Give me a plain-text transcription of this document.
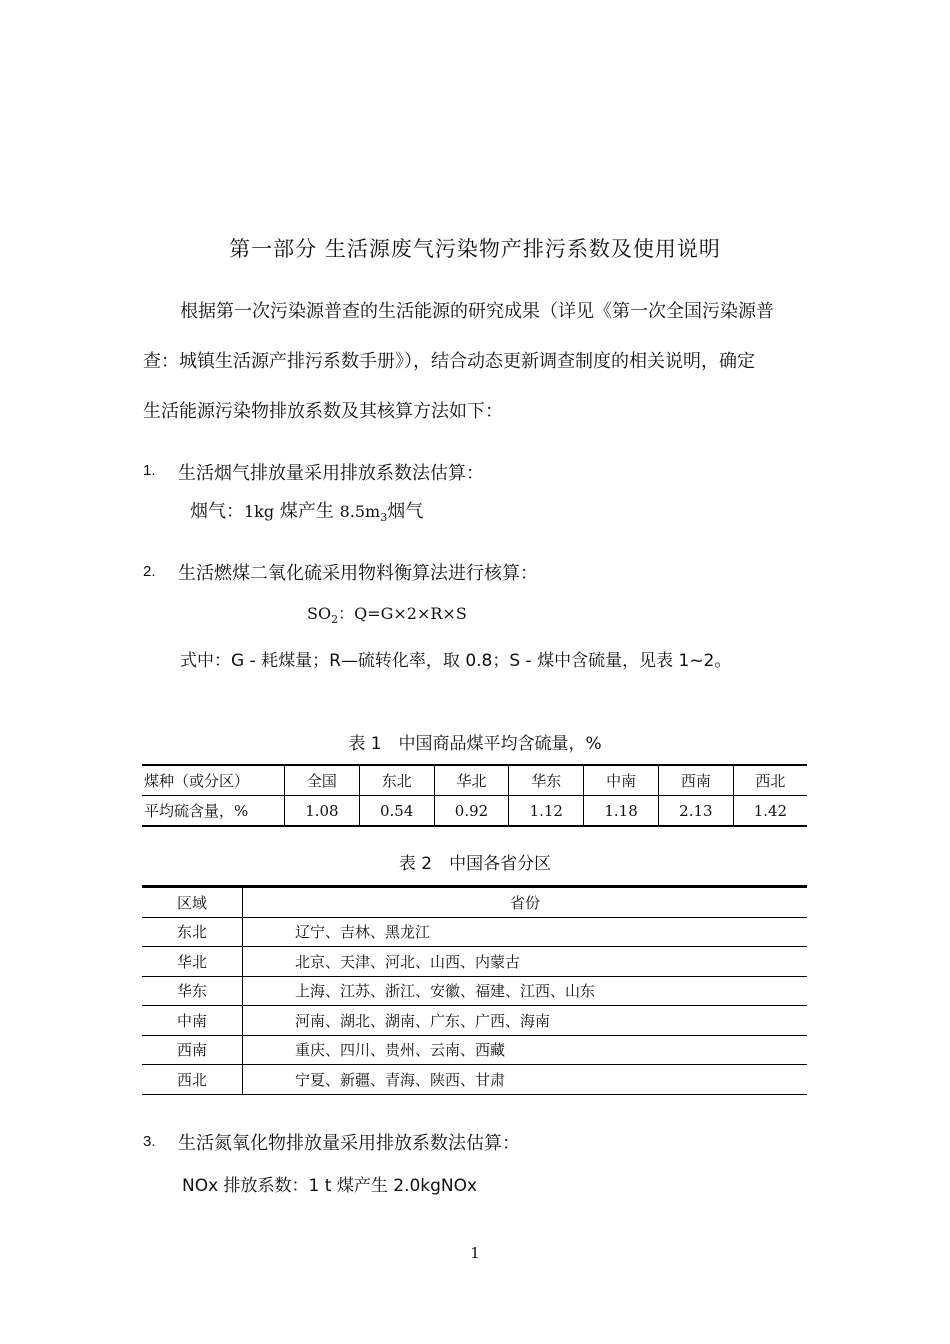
第一部分 生活源废气污染物产排污系数及使用说明
根据第一次污染源普查的生活能源的研究成果（详见《第一次全国污染源普
查：城镇生活源产排污系数手册》），结合动态更新调查制度的相关说明，确定
生活能源污染物排放系数及其核算方法如下：
1. 生活烟气排放量采用排放系数法估算：
烟气：1kg 煤产生 $8.5m_3$烟气
2. 生活燃煤二氧化硫采用物料衡算法进行核算：
$SO_2$：Q=G×2×R×S
式中：G - 耗煤量；R—硫转化率，取 0.8；S - 煤中含硫量，见表 1~2。
表 1　中国商品煤平均含硫量，%
煤种（或分区）	全国	东北	华北	华东	中南	西南	西北
平均硫含量，%	1.08	0.54	0.92	1.12	1.18	2.13	1.42
表 2　中国各省分区
区域	省份
东北	辽宁、吉林、黑龙江
华北	北京、天津、河北、山西、内蒙古
华东	上海、江苏、浙江、安徽、福建、江西、山东
中南	河南、湖北、湖南、广东、广西、海南
西南	重庆、四川、贵州、云南、西藏
西北	宁夏、新疆、青海、陕西、甘肃
3. 生活氮氧化物排放量采用排放系数法估算：
NOx 排放系数：1 t 煤产生 2.0kgNOx
1
